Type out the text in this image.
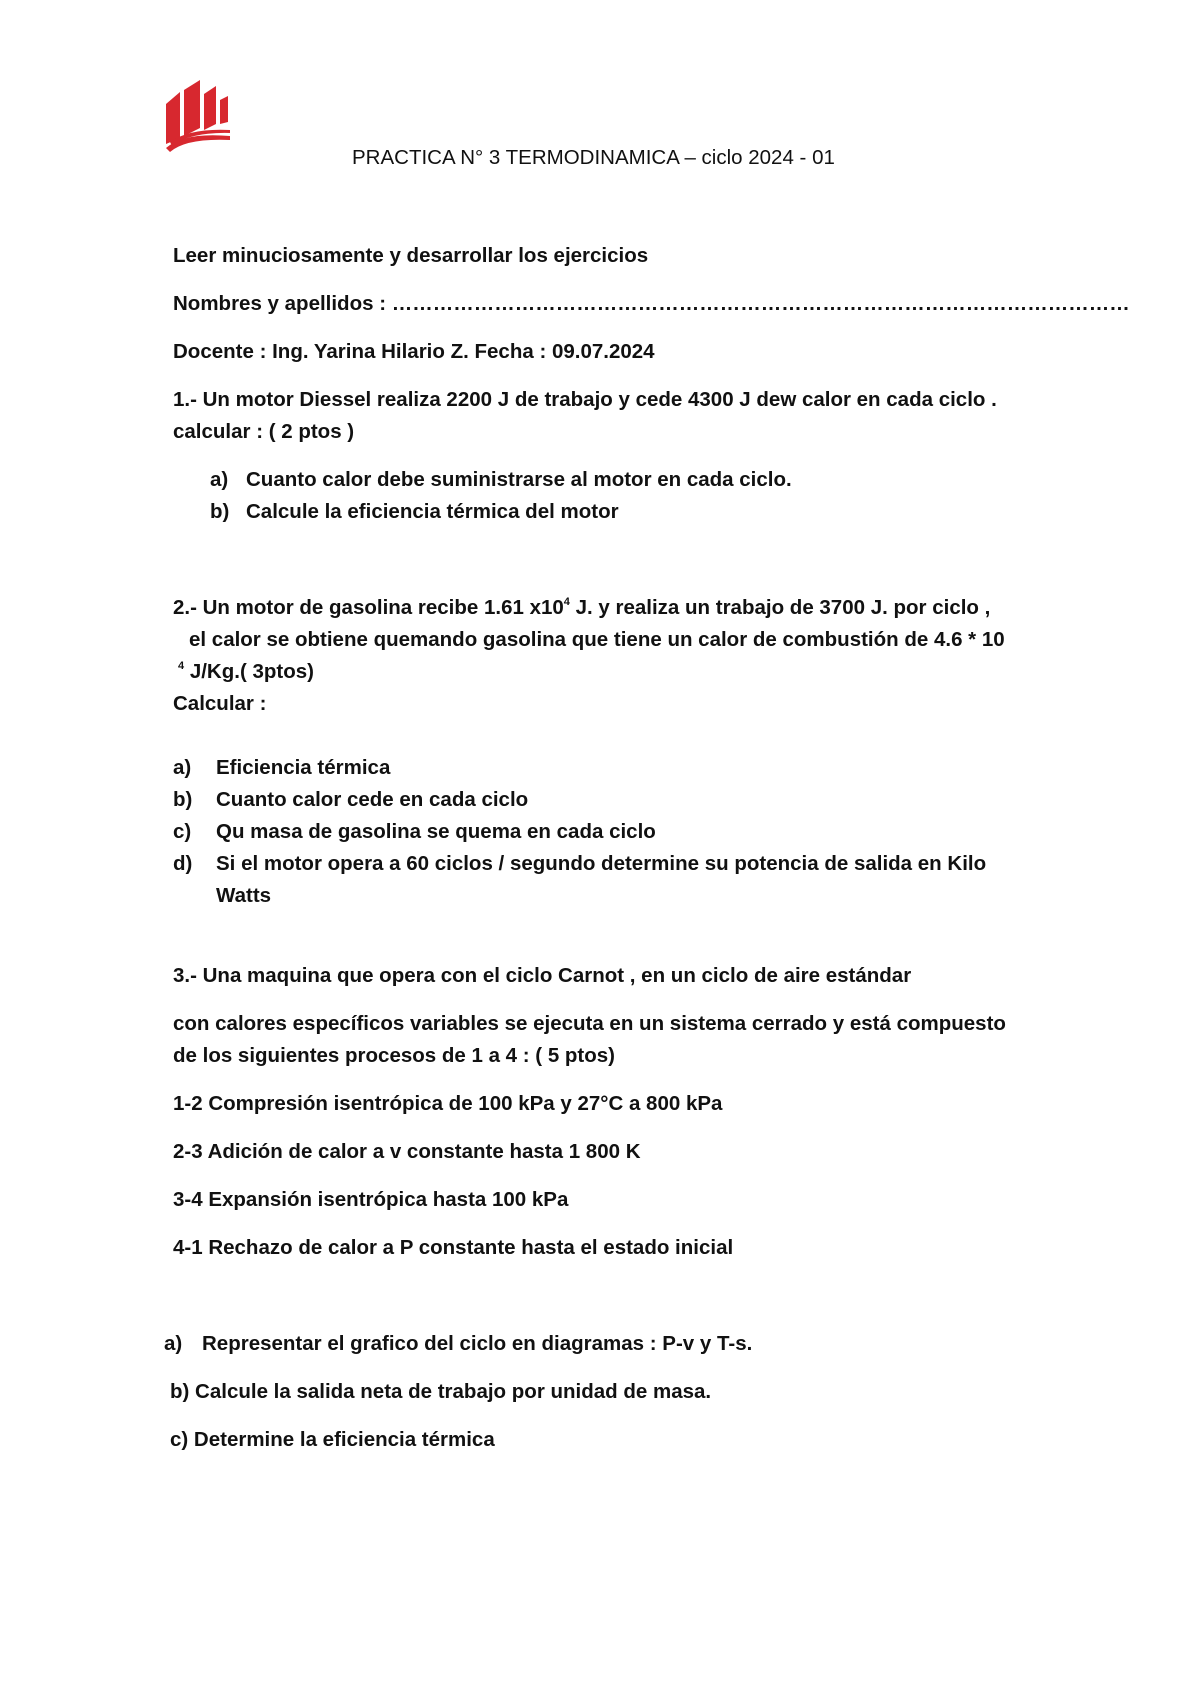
PRACTICA N° 3 TERMODINAMICA – ciclo 2024 - 01
Leer minuciosamente y desarrollar los ejercicios
Nombres y apellidos : ………………………………………………………………………………………………
Docente : Ing. Yarina Hilario Z. Fecha : 09.07.2024
1.- Un motor Diessel realiza 2200 J de trabajo y cede 4300 J dew calor en cada ciclo .
calcular : ( 2 ptos )
a) Cuanto calor debe suministrarse al motor en cada ciclo.
b) Calcule la eficiencia térmica del motor
2.- Un motor de gasolina recibe 1.61 $x10^4$ J. y realiza un trabajo de 3700 J. por ciclo ,
el calor se obtiene quemando gasolina que tiene un calor de combustión de 4.6 * 10
$^4$ J/Kg.( 3ptos)
Calcular :
a) Eficiencia térmica
b) Cuanto calor cede en cada ciclo
c) Qu masa de gasolina se quema en cada ciclo
d) Si el motor opera a 60 ciclos / segundo determine su potencia de salida en Kilo
Watts
3.- Una maquina que opera con el ciclo Carnot , en un ciclo de aire estándar
con calores específicos variables se ejecuta en un sistema cerrado y está compuesto
de los siguientes procesos de 1 a 4 : ( 5 ptos)
1-2 Compresión isentrópica de 100 kPa y 27°C a 800 kPa
2-3 Adición de calor a v constante hasta 1 800 K
3-4 Expansión isentrópica hasta 100 kPa
4-1 Rechazo de calor a P constante hasta el estado inicial
a) Representar el grafico del ciclo en diagramas : P-v y T-s.
b) Calcule la salida neta de trabajo por unidad de masa.
c) Determine la eficiencia térmica
